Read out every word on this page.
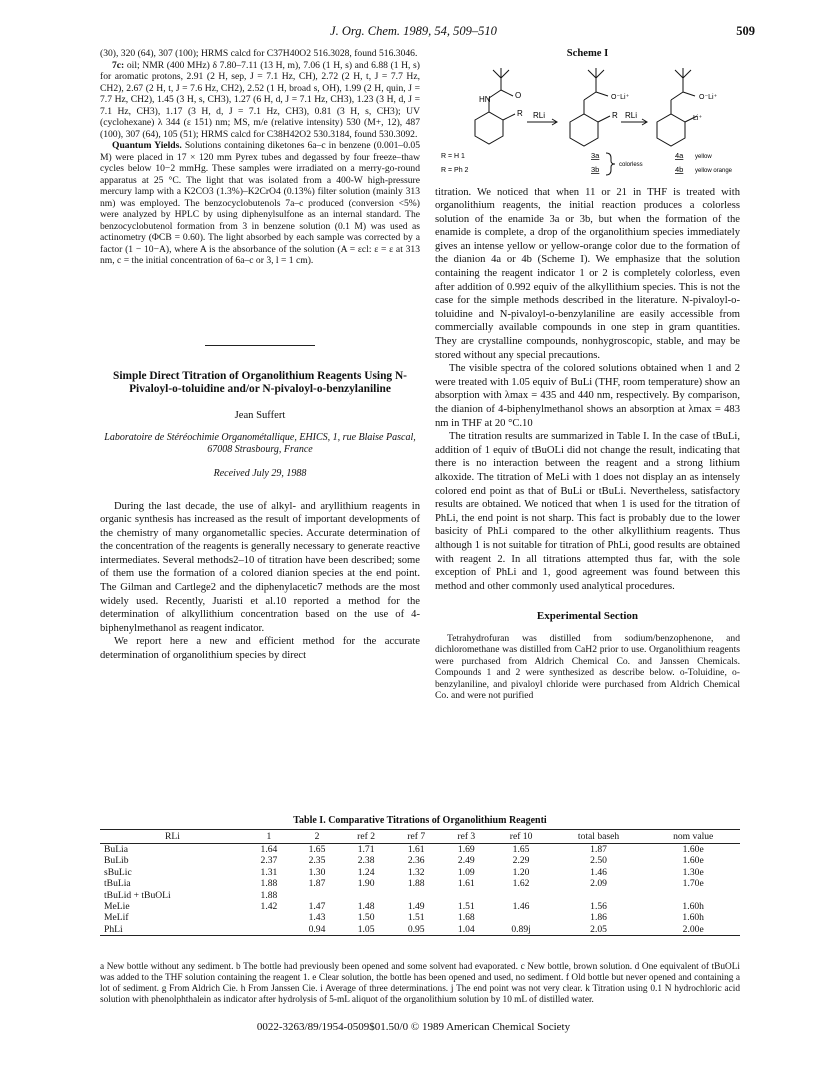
J. Org. Chem. 1989, 54, 509–510	509

(30), 320 (64), 307 (100); HRMS calcd for C37H40O2 516.3028, found 516.3046.

7c: oil; NMR (400 MHz) δ 7.80–7.11 (13 H, m), 7.06 (1 H, s) and 6.88 (1 H, s) for aromatic protons, 2.91 (2 H, sep, J = 7.1 Hz, CH), 2.72 (2 H, t, J = 7.7 Hz, CH2), 2.67 (2 H, t, J = 7.6 Hz, CH2), 2.52 (1 H, broad s, OH), 1.99 (2 H, quin, J = 7.7 Hz, CH2), 1.45 (3 H, s, CH3), 1.27 (6 H, d, J = 7.1 Hz, CH3), 1.23 (3 H, d, J = 7.1 Hz, CH3), 1.17 (3 H, d, J = 7.1 Hz, CH3), 0.81 (3 H, s, CH3); UV (cyclohexane) λ 344 (ε 151) nm; MS, m/e (relative intensity) 530 (M+, 12), 487 (100), 307 (64), 105 (51); HRMS calcd for C38H42O2 530.3184, found 530.3092.

Quantum Yields. Solutions containing diketones 6a–c in benzene (0.001–0.05 M) were placed in 17 × 120 mm Pyrex tubes and degassed by four freeze–thaw cycles below 10−2 mmHg. These samples were irradiated on a merry-go-round apparatus at 25 °C. The light that was isolated from a 400-W high-pressure mercury lamp with a K2CO3 (1.3%)–K2CrO4 (0.13%) filter solution (mainly 313 nm) was employed. The benzocyclobutenols 7a–c produced (conversion <5%) were analyzed by HPLC by using diphenylsulfone as an internal standard. The benzocyclobutenol formation from 3 in benzene solution (0.1 M) was used as actinometry (ΦCB = 0.60). The light absorbed by each sample was corrected by a factor (1 − 10−A), where A is the absorbance of the solution (A = εcl: ε = ε at 313 nm, c = the initial concentration of 6a–c or 3, l = 1 cm).

Simple Direct Titration of Organolithium Reagents Using N-Pivaloyl-o-toluidine and/or N-pivaloyl-o-benzylaniline
Jean Suffert
Laboratoire de Stéréochimie Organométallique, EHICS, 1, rue Blaise Pascal, 67008 Strasbourg, France
Received July 29, 1988

During the last decade, the use of alkyl- and aryllithium reagents in organic synthesis has increased as the result of important developments of the chemistry of many organometallic species. Accurate determination of the concentration of the reagents is generally necessary to generate reactive intermediates. Several methods2–10 of titration have been described; some of them use the formation of a colored dianion species at the end point. The Gilman and Cartlege2 and the diphenylacetic7 methods are the most widely used. Recently, Juaristi et al.10 reported a method for the determination of alkyllithium concentration based on the use of 4-biphenylmethanol as reagent indicator.

We report here a new and efficient method for the accurate determination of organolithium species by direct

Scheme I
HN	O
R	R
O⁻Li⁺	O⁻Li⁺
Li⁺
RLi	RLi
R = H 1
R = Ph 2
3a
3b	colorless
4a
4b
yellow
yellow orange

titration. We noticed that when 11 or 21 in THF is treated with organolithium reagents, the initial reaction produces a colorless solution of the enamide 3a or 3b, but when the formation of the enamide is complete, a drop of the organolithium species immediately gives an intense yellow or yellow-orange color due to the formation of the dianion 4a or 4b (Scheme I). We emphasize that the solution containing the reagent indicator 1 or 2 is completely colorless, even after addition of 0.992 equiv of the alkyllithium species. This is not the case for the simple methods described in the literature. N-pivaloyl-o-toluidine and N-pivaloyl-o-benzylaniline are easily accessible from commercially available compounds in one step in gram quantities. They are crystalline compounds, nonhygroscopic, stable, and may be stored without any special precautions.

The visible spectra of the colored solutions obtained when 1 and 2 were treated with 1.05 equiv of BuLi (THF, room temperature) show an absorption with λmax = 435 and 440 nm, respectively. By comparison, the dianion of 4-biphenylmethanol shows an absorption at λmax = 483 nm in THF at 20 °C.10

The titration results are summarized in Table I. In the case of tBuLi, addition of 1 equiv of tBuOLi did not change the result, indicating that there is no interaction between the reagent and a strong lithium alkoxide. The titration of MeLi with 1 does not display an as intensely colored end point as that of BuLi or tBuLi. Nevertheless, satisfactory results are obtained. We noticed that when 1 is used for the titration of PhLi, the end point is not sharp. This fact is probably due to the lower basicity of PhLi compared to the other alkyllithium reagents. Thus although 1 is not suitable for titration of PhLi, good results are obtained with reagent 2. In all titrations attempted thus far, with the sole exception of PhLi and 1, good agreement was found between this method and other commonly used analytical procedures.

Experimental Section

Tetrahydrofuran was distilled from sodium/benzophenone, and dichloromethane was distilled from CaH2 prior to use. Organolithium reagents were purchased from Aldrich Chemical Co. and Janssen Chemicals. Compounds 1 and 2 were synthesized as describe below. o-Toluidine, o-benzylaniline, and pivaloyl chloride were purchased from Aldrich Chemical Co. and were not purified

Table I. Comparative Titrations of Organolithium Reagenti
RLi	1	2	ref 2	ref 7	ref 3	ref 10	total baseh	nom value
BuLia	1.64	1.65	1.71	1.61	1.69	1.65	1.87	1.60e
BuLib	2.37	2.35	2.38	2.36	2.49	2.29	2.50	1.60e
sBuLic	1.31	1.30	1.24	1.32	1.09	1.20	1.46	1.30e
tBuLia	1.88	1.87	1.90	1.88	1.61	1.62	2.09	1.70e
tBuLid + tBuOLi	1.88							
MeLie	1.42	1.47	1.48	1.49	1.51	1.46	1.56	1.60h
MeLif		1.43	1.50	1.51	1.68		1.86	1.60h
PhLi		0.94	1.05	0.95	1.04	0.89j	2.05	2.00e
a New bottle without any sediment. b The bottle had previously been opened and some solvent had evaporated. c New bottle, brown solution. d One equivalent of tBuOLi was added to the THF solution containing the reagent 1. e Clear solution, the bottle has been opened and used, no sediment. f Old bottle but never opened and containing a lot of sediment. g From Aldrich Cie. h From Janssen Cie. i Average of three determinations. j The end point was not very clear. k Titration using 0.1 N hydrochloric acid solution with phenolphthalein as indicator after hydrolysis of 5-mL aliquot of the organolithium solution by 10 mL of distilled water.
0022-3263/89/1954-0509$01.50/0 © 1989 American Chemical Society
